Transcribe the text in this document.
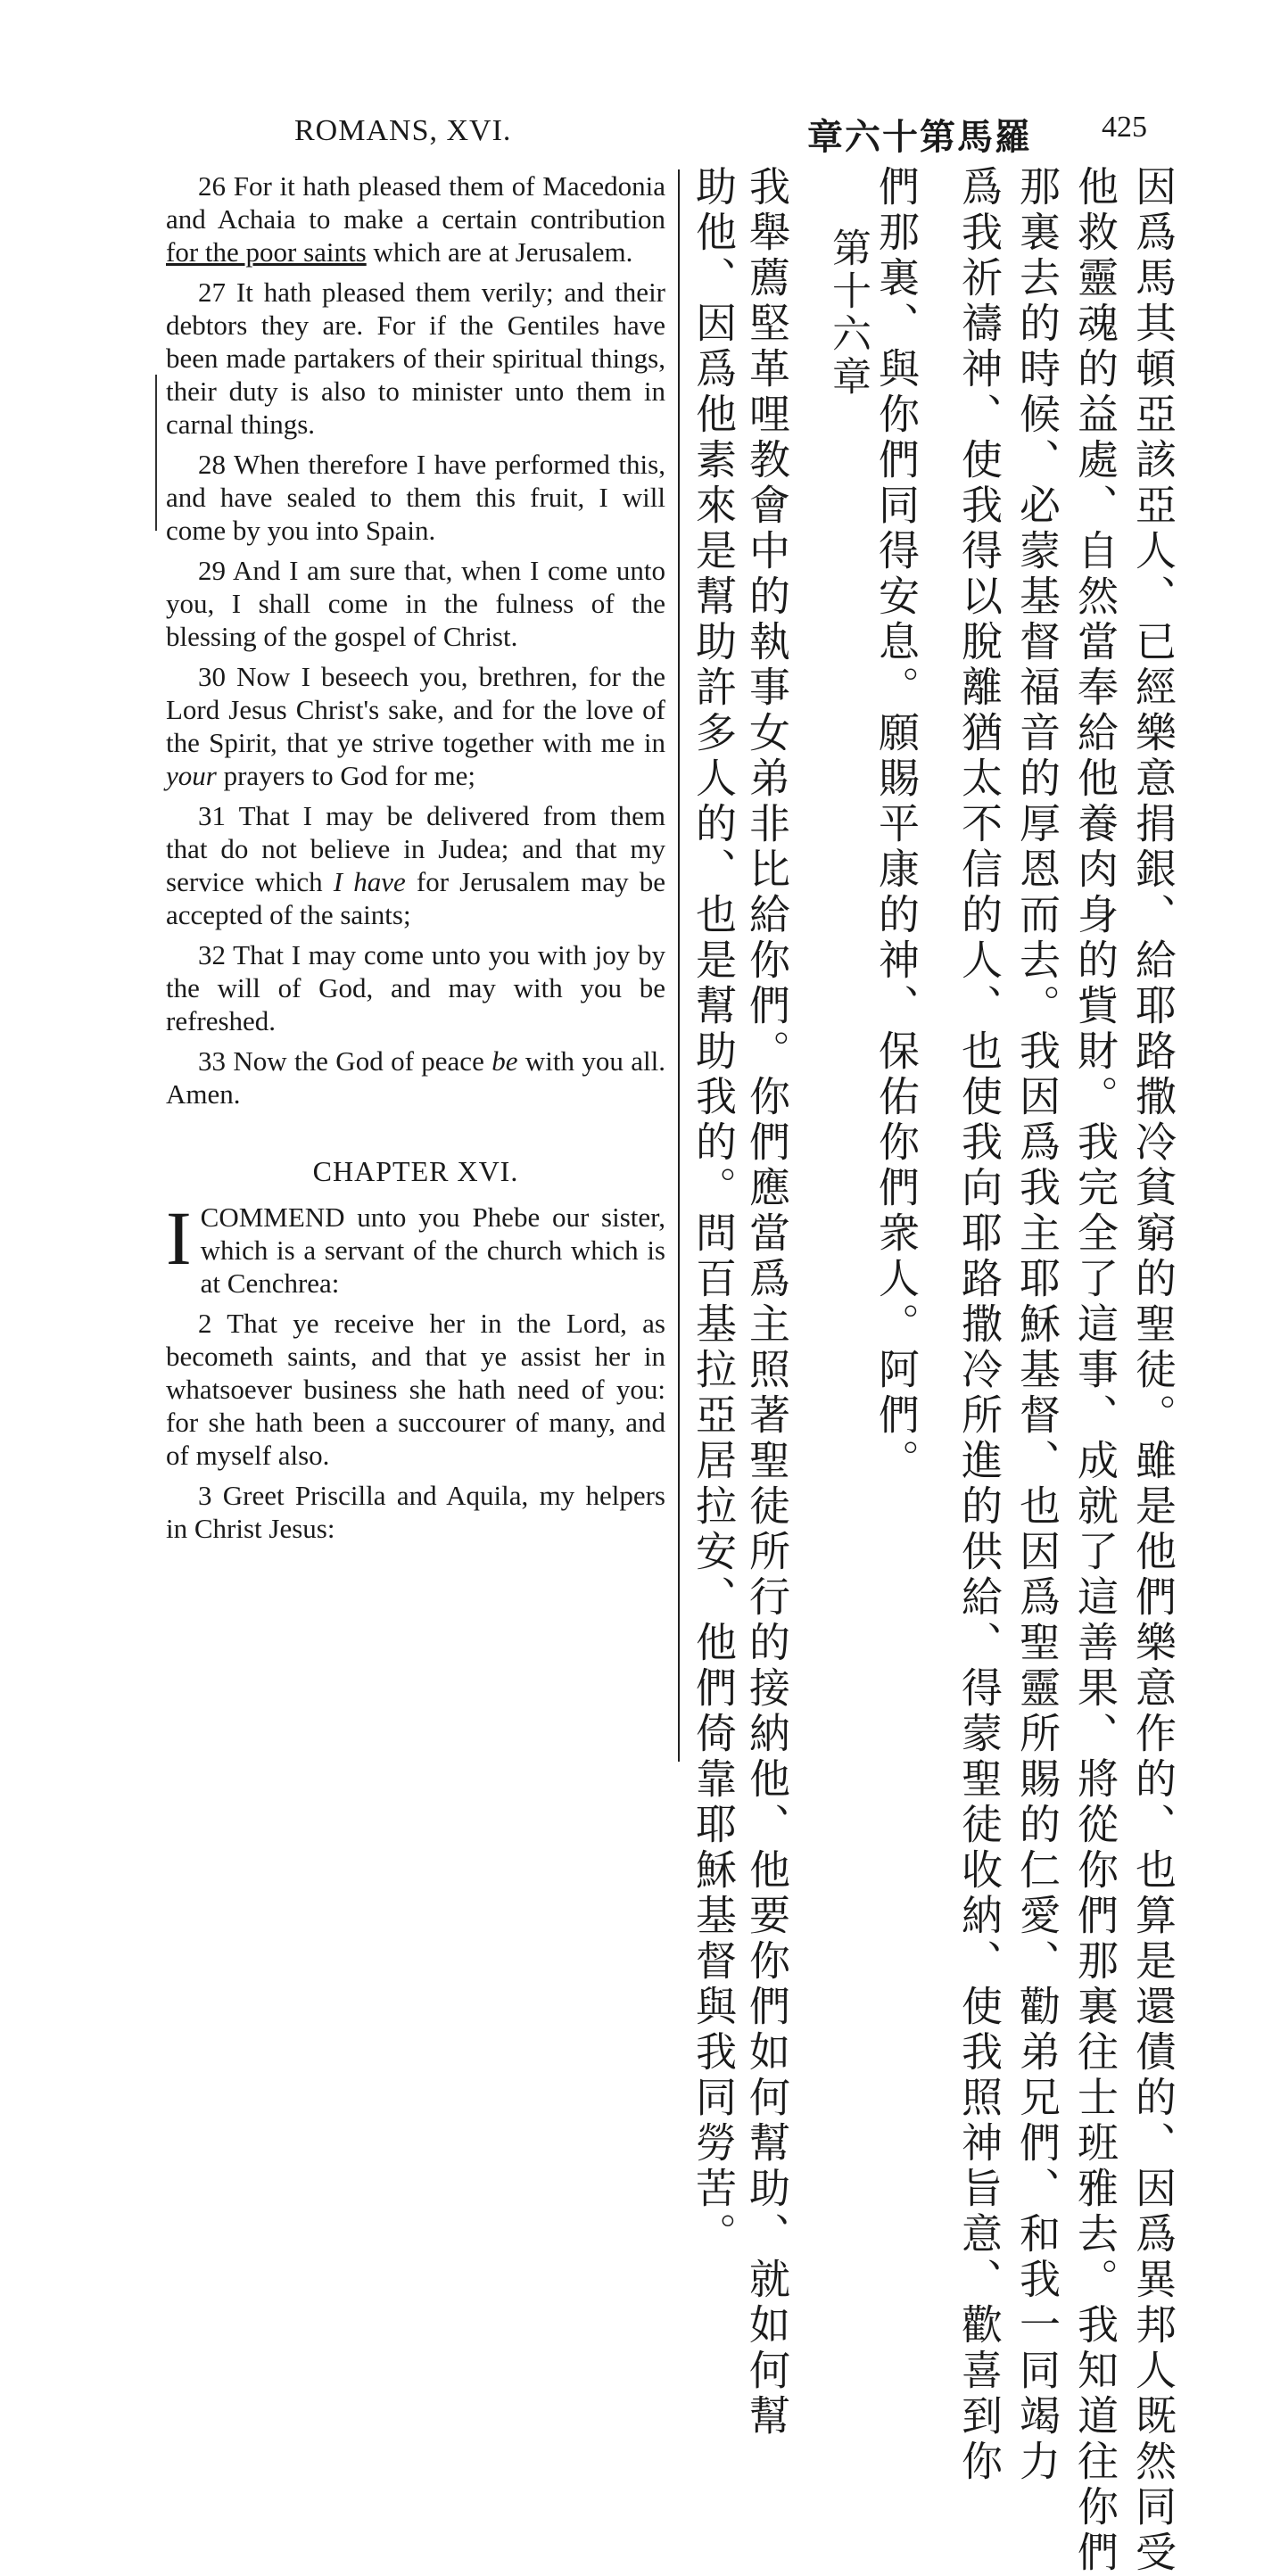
ROMANS, XVI.	章六十第馬羅 425

26 For it hath pleased them of Macedonia and Achaia to make a certain contribution for the poor saints which are at Jerusalem.

27 It hath pleased them verily; and their debtors they are. For if the Gentiles have been made partakers of their spiritual things, their duty is also to minister unto them in carnal things.

28 When therefore I have performed this, and have sealed to them this fruit, I will come by you into Spain.

29 And I am sure that, when I come unto you, I shall come in the fulness of the blessing of the gospel of Christ.

30 Now I beseech you, brethren, for the Lord Jesus Christ's sake, and for the love of the Spirit, that ye strive together with me in your prayers to God for me;

31 That I may be delivered from them that do not believe in Judea; and that my service which I have for Jerusalem may be accepted of the saints;

32 That I may come unto you with joy by the will of God, and may with you be refreshed.

33 Now the God of peace be with you all. Amen.

CHAPTER XVI.

ICOMMEND unto you Phebe our sister, which is a servant of the church which is at Cenchrea:

2 That ye receive her in the Lord, as becometh saints, and that ye assist her in whatsoever business she hath need of you: for she hath been a succourer of many, and of myself also.

3 Greet Priscilla and Aquila, my helpers in Christ Jesus:	因爲馬其頓亞該亞人、已經樂意捐銀、給耶路撒冷貧窮的聖徒。雖是他們樂意作的、也算是還債的、因爲異邦人既然同受
他救靈魂的益處、自然當奉給他養肉身的貲財。我完全了這事、成就了這善果、將從你們那裏往士班雅去。我知道往你們
那裏去的時候、必蒙基督福音的厚恩而去。我因爲我主耶穌基督、也因爲聖靈所賜的仁愛、勸弟兄們、和我一同竭力
爲我祈禱神、使我得以脫離猶太不信的人、也使我向耶路撒冷所進的供給、得蒙聖徒收納、使我照神旨意、歡喜到你
們那裏、與你們同得安息。願賜平康的神、保佑你們衆人。阿們。
第十六章
我舉薦堅革哩教會中的執事女弟非比給你們。你們應當爲主照著聖徒所行的接納他、他要你們如何幫助、就如何幫
助他、因爲他素來是幫助許多人的、也是幫助我的。問百基拉亞居拉安、他們倚靠耶穌基督與我同勞苦。
